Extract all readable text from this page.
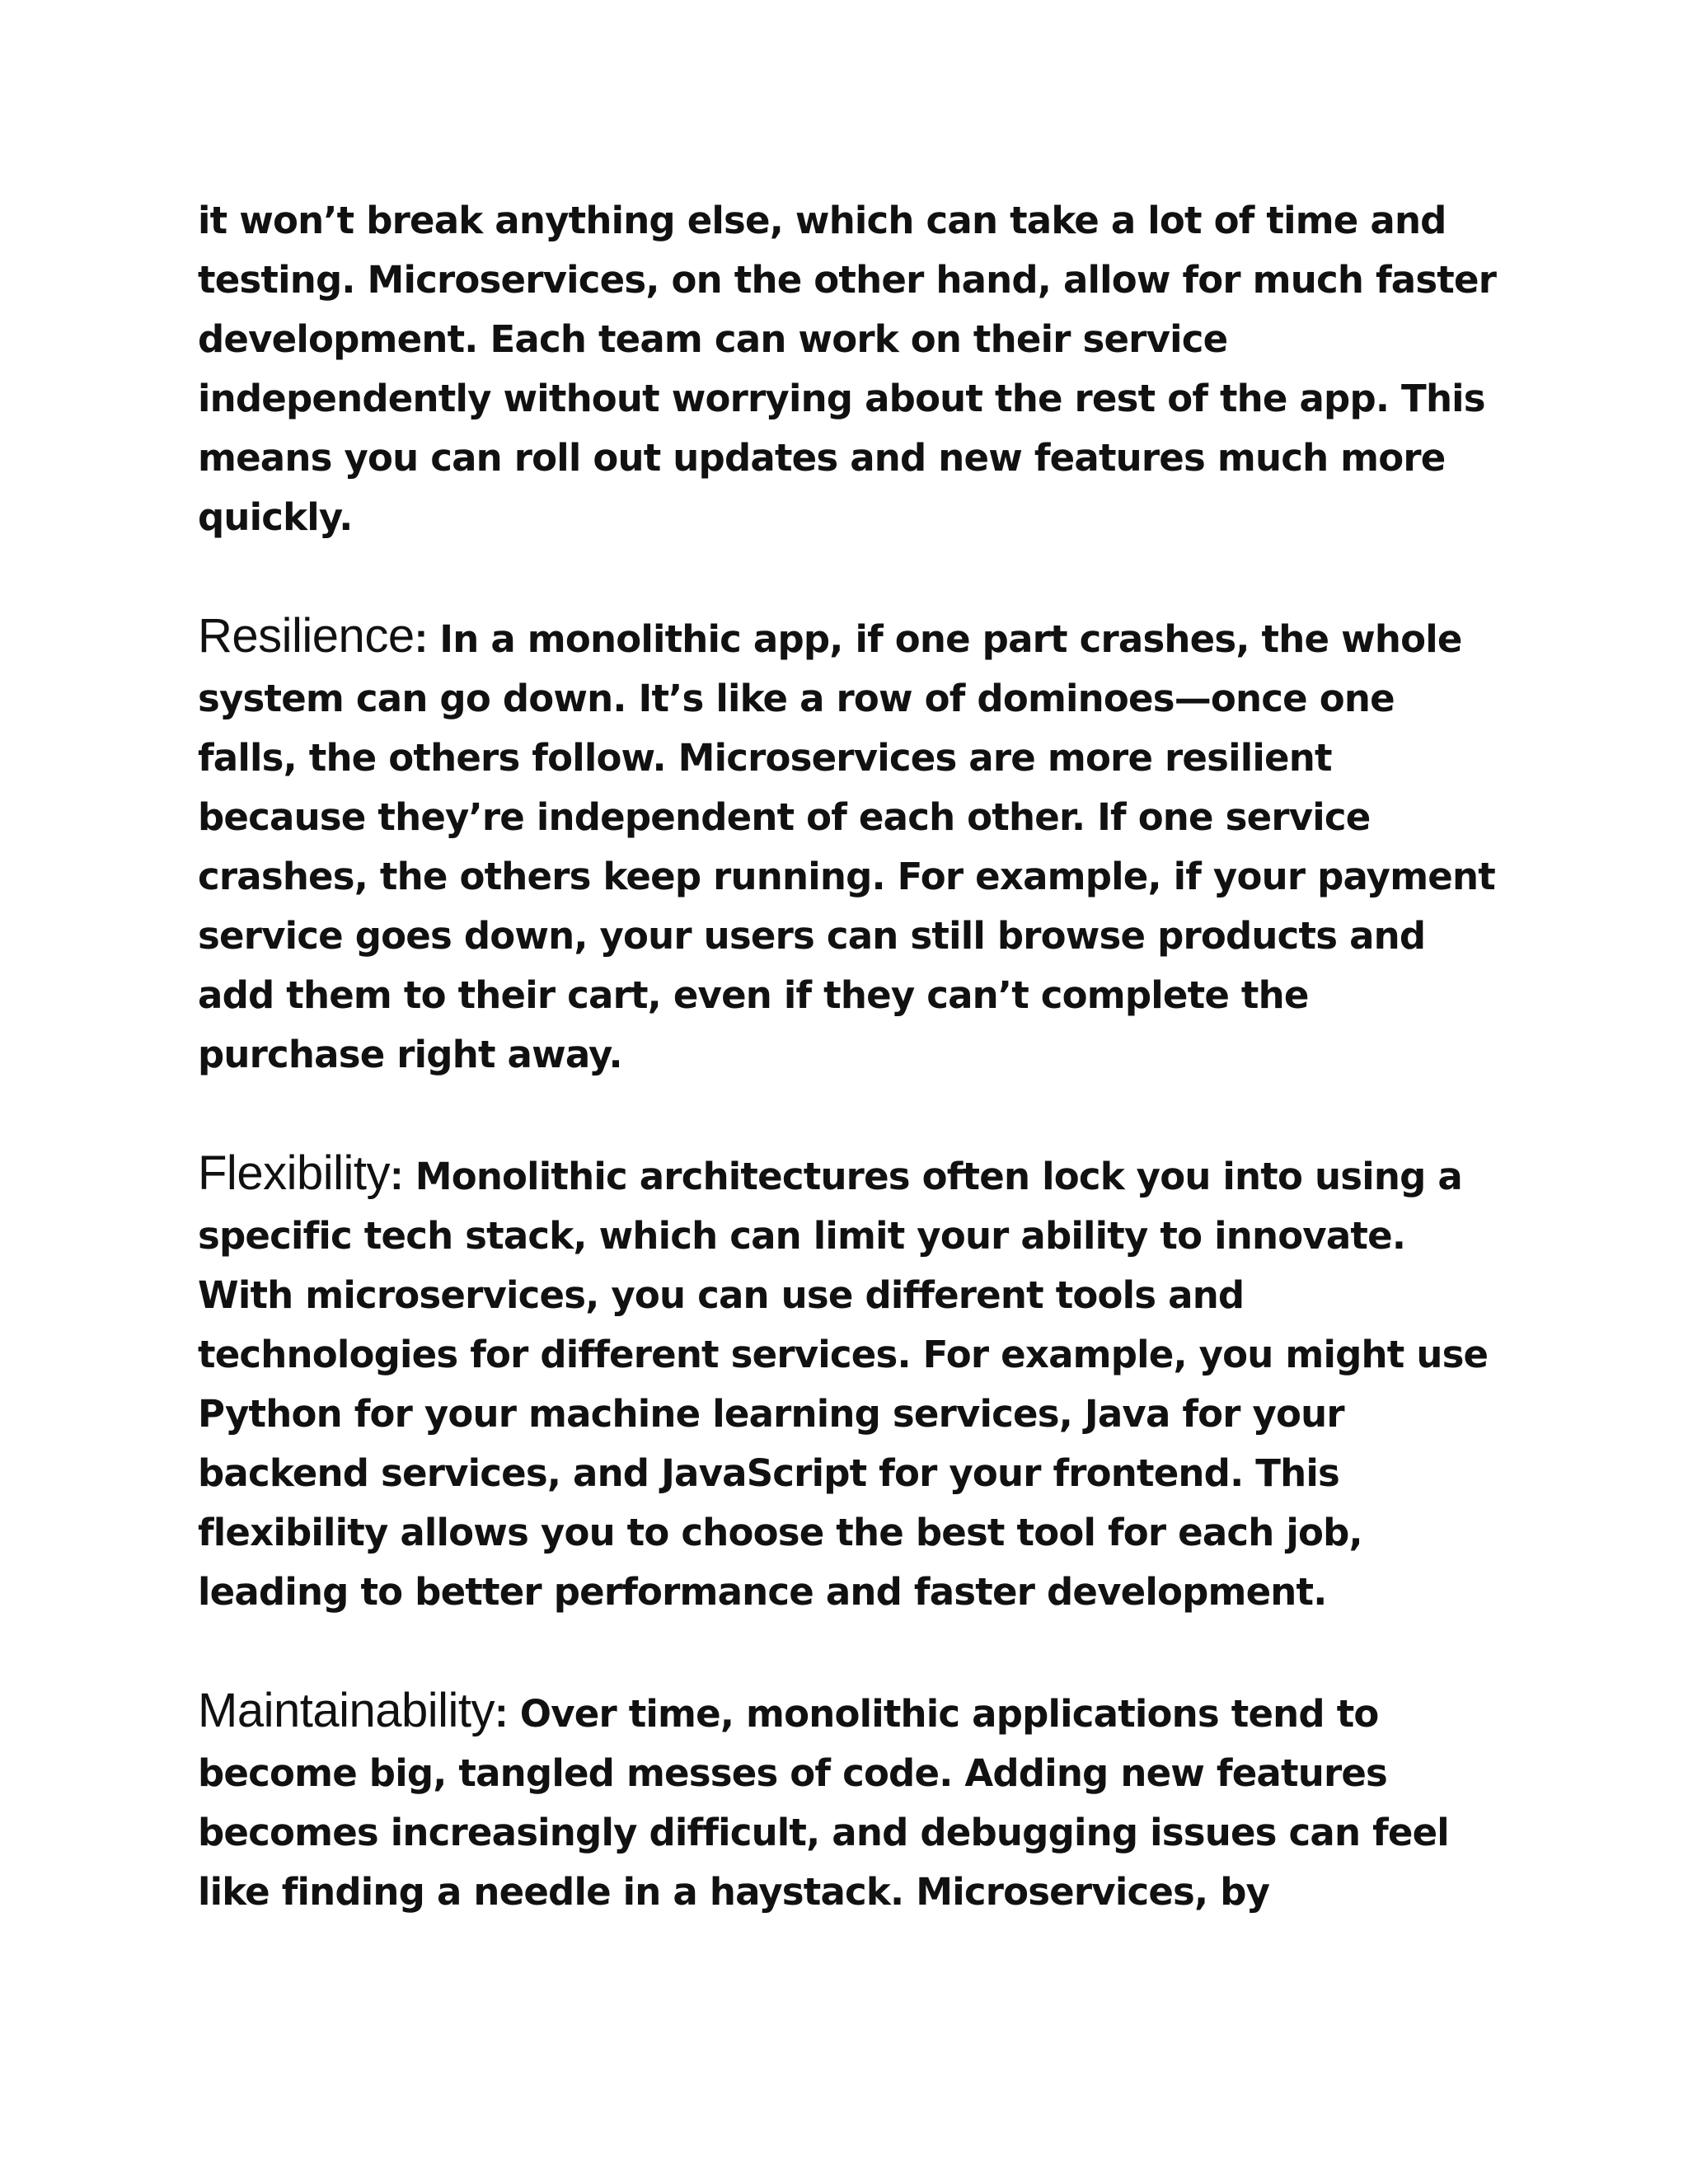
it won’t break anything else, which can take a lot of time and testing. Microservices, on the other hand, allow for much faster development. Each team can work on their service independently without worrying about the rest of the app. This means you can roll out updates and new features much more quickly.

Resilience: In a monolithic app, if one part crashes, the whole system can go down. It’s like a row of dominoes—once one falls, the others follow. Microservices are more resilient because they’re independent of each other. If one service crashes, the others keep running. For example, if your payment service goes down, your users can still browse products and add them to their cart, even if they can’t complete the purchase right away.

Flexibility: Monolithic architectures often lock you into using a specific tech stack, which can limit your ability to innovate. With microservices, you can use different tools and technologies for different services. For example, you might use Python for your machine learning services, Java for your backend services, and JavaScript for your frontend. This flexibility allows you to choose the best tool for each job, leading to better performance and faster development.

Maintainability: Over time, monolithic applications tend to become big, tangled messes of code. Adding new features becomes increasingly difficult, and debugging issues can feel like finding a needle in a haystack. Microservices, by
